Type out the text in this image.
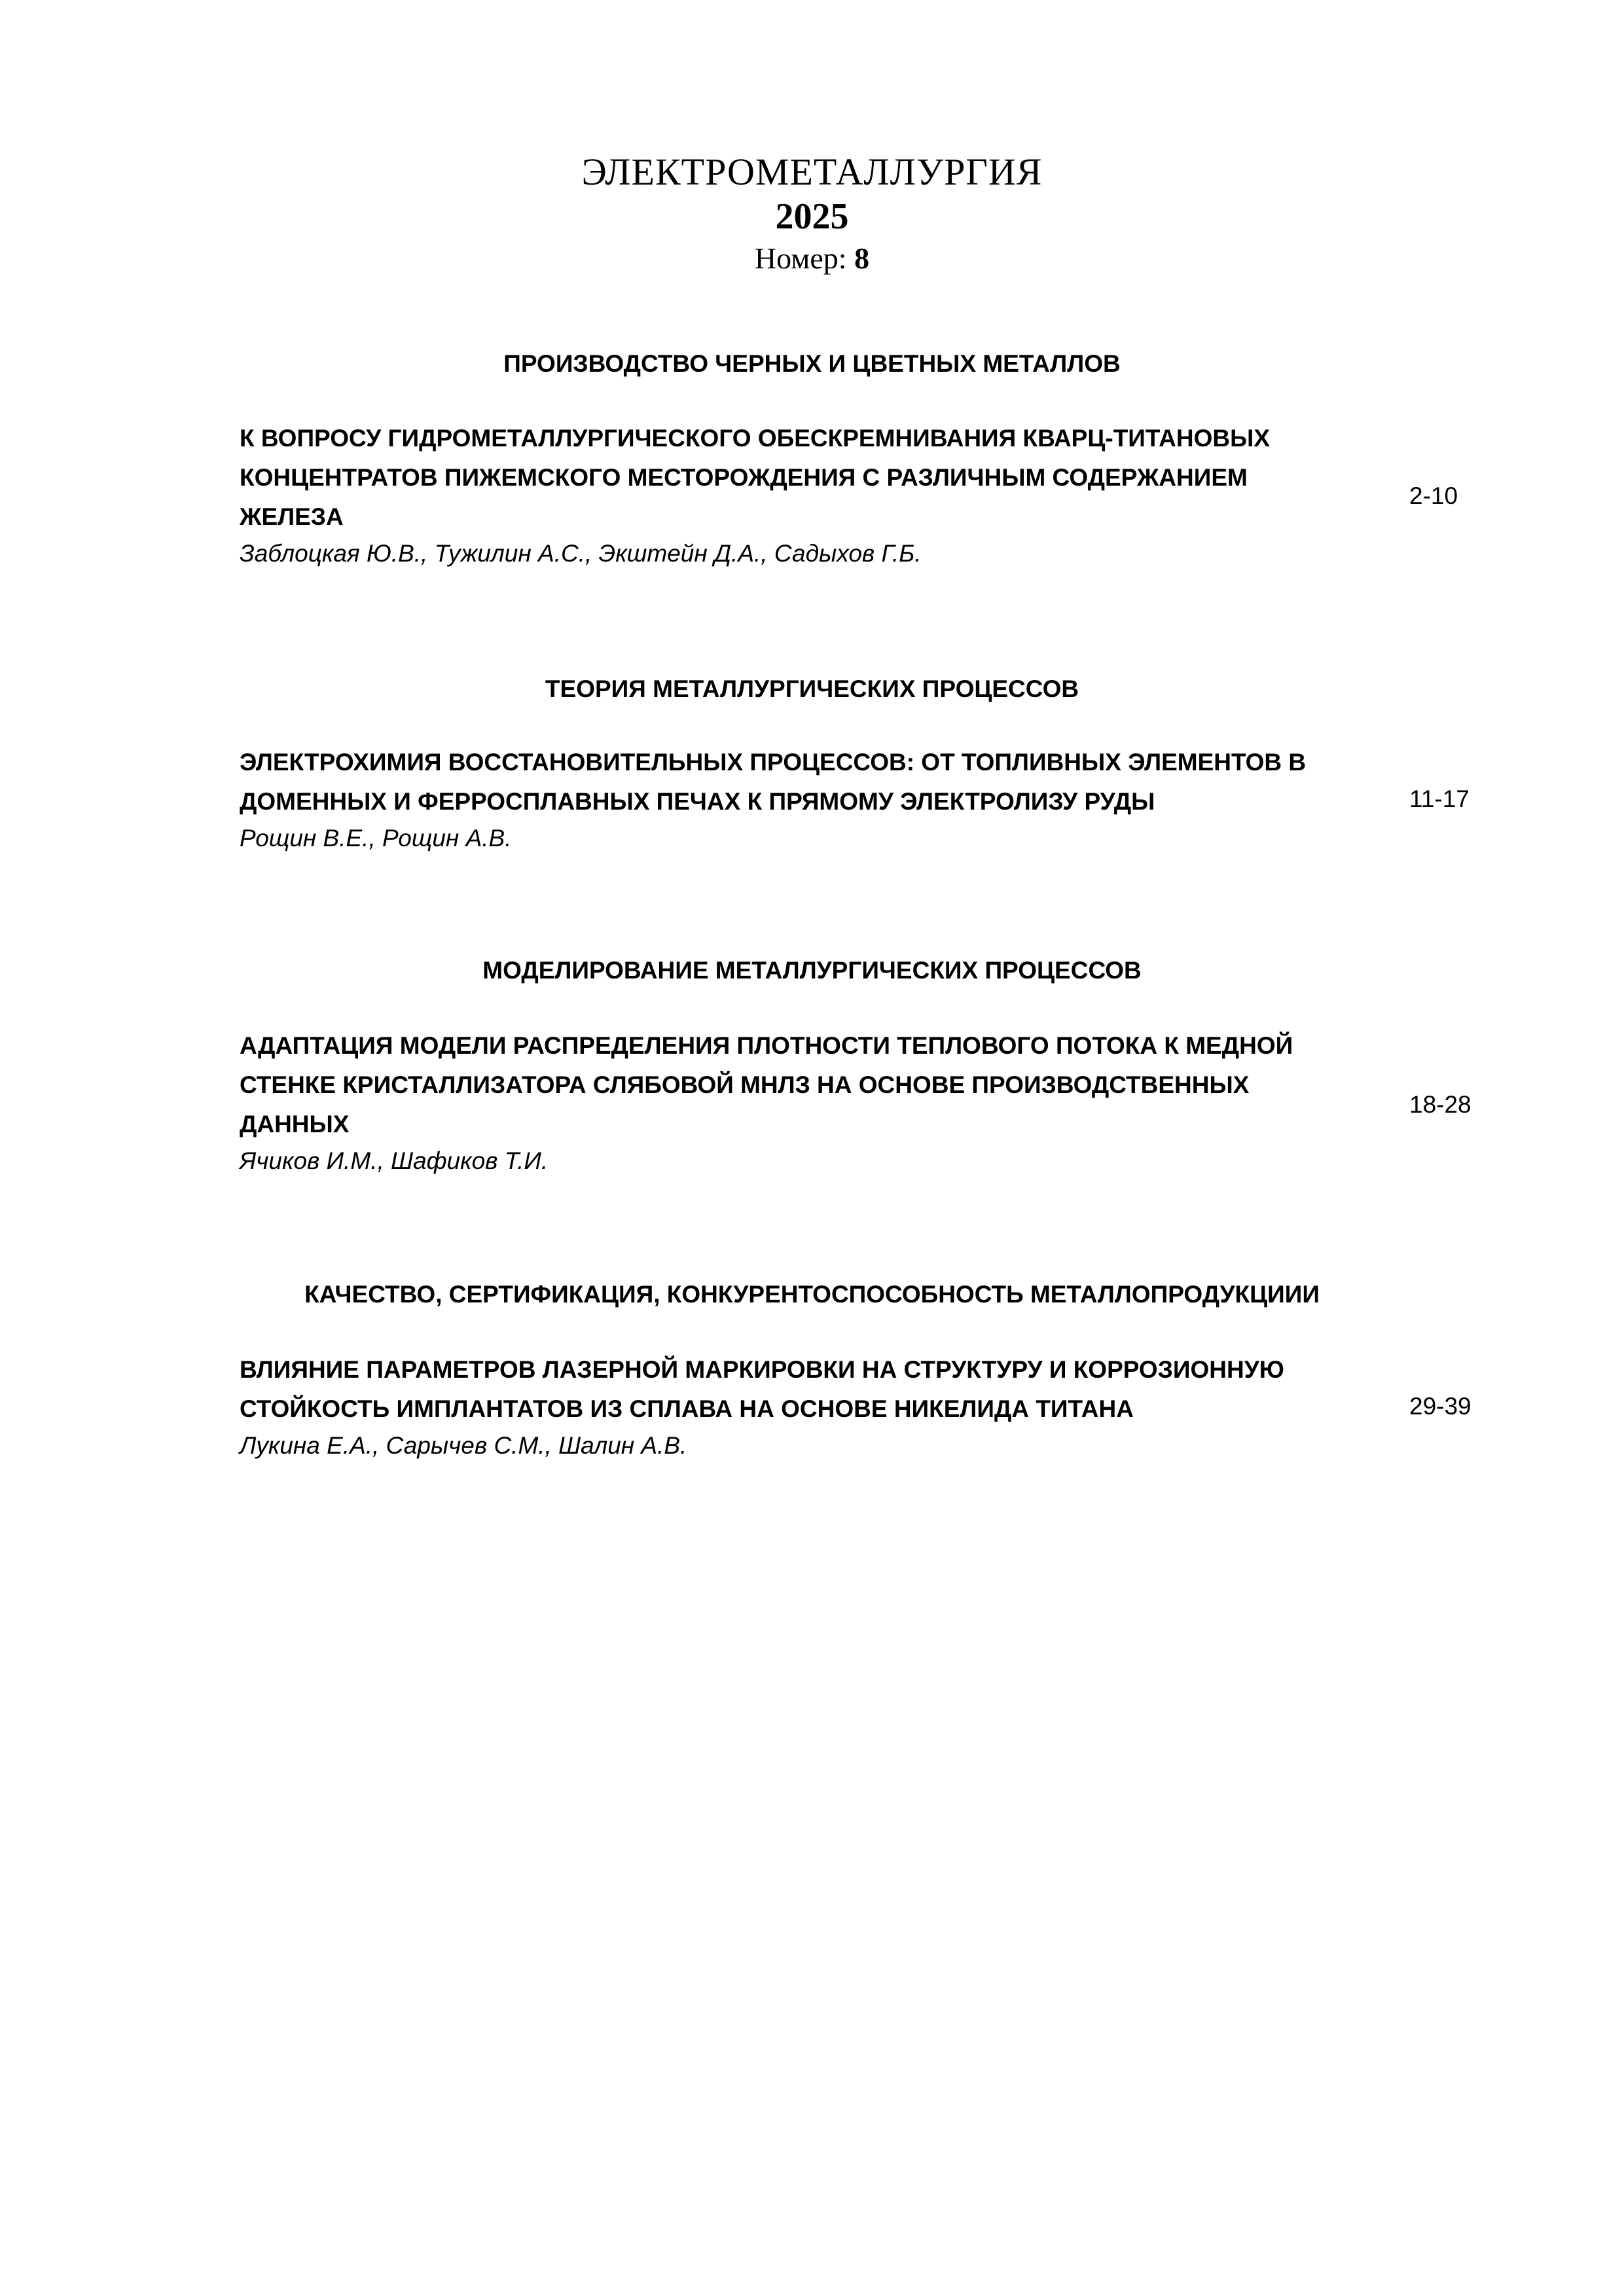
ЭЛЕКТРОМЕТАЛЛУРГИЯ
2025
Номер: 8
ПРОИЗВОДСТВО ЧЕРНЫХ И ЦВЕТНЫХ МЕТАЛЛОВ
К ВОПРОСУ ГИДРОМЕТАЛЛУРГИЧЕСКОГО ОБЕСКРЕМНИВАНИЯ КВАРЦ-ТИТАНОВЫХ
КОНЦЕНТРАТОВ ПИЖЕМСКОГО МЕСТОРОЖДЕНИЯ С РАЗЛИЧНЫМ СОДЕРЖАНИЕМ
ЖЕЛЕЗА
Заблоцкая Ю.В., Тужилин А.С., Экштейн Д.А., Садыхов Г.Б.
2-10
ТЕОРИЯ МЕТАЛЛУРГИЧЕСКИХ ПРОЦЕССОВ
ЭЛЕКТРОХИМИЯ ВОССТАНОВИТЕЛЬНЫХ ПРОЦЕССОВ: ОТ ТОПЛИВНЫХ ЭЛЕМЕНТОВ В
ДОМЕННЫХ И ФЕРРОСПЛАВНЫХ ПЕЧАХ К ПРЯМОМУ ЭЛЕКТРОЛИЗУ РУДЫ
Рощин В.Е., Рощин А.В.
11-17
МОДЕЛИРОВАНИЕ МЕТАЛЛУРГИЧЕСКИХ ПРОЦЕССОВ
АДАПТАЦИЯ МОДЕЛИ РАСПРЕДЕЛЕНИЯ ПЛОТНОСТИ ТЕПЛОВОГО ПОТОКА К МЕДНОЙ
СТЕНКЕ КРИСТАЛЛИЗАТОРА СЛЯБОВОЙ МНЛЗ НА ОСНОВЕ ПРОИЗВОДСТВЕННЫХ
ДАННЫХ
Ячиков И.М., Шафиков Т.И.
18-28
КАЧЕСТВО, СЕРТИФИКАЦИЯ, КОНКУРЕНТОСПОСОБНОСТЬ МЕТАЛЛОПРОДУКЦИИИ
ВЛИЯНИЕ ПАРАМЕТРОВ ЛАЗЕРНОЙ МАРКИРОВКИ НА СТРУКТУРУ И КОРРОЗИОННУЮ
СТОЙКОСТЬ ИМПЛАНТАТОВ ИЗ СПЛАВА НА ОСНОВЕ НИКЕЛИДА ТИТАНА
Лукина Е.А., Сарычев С.М., Шалин А.В.
29-39
